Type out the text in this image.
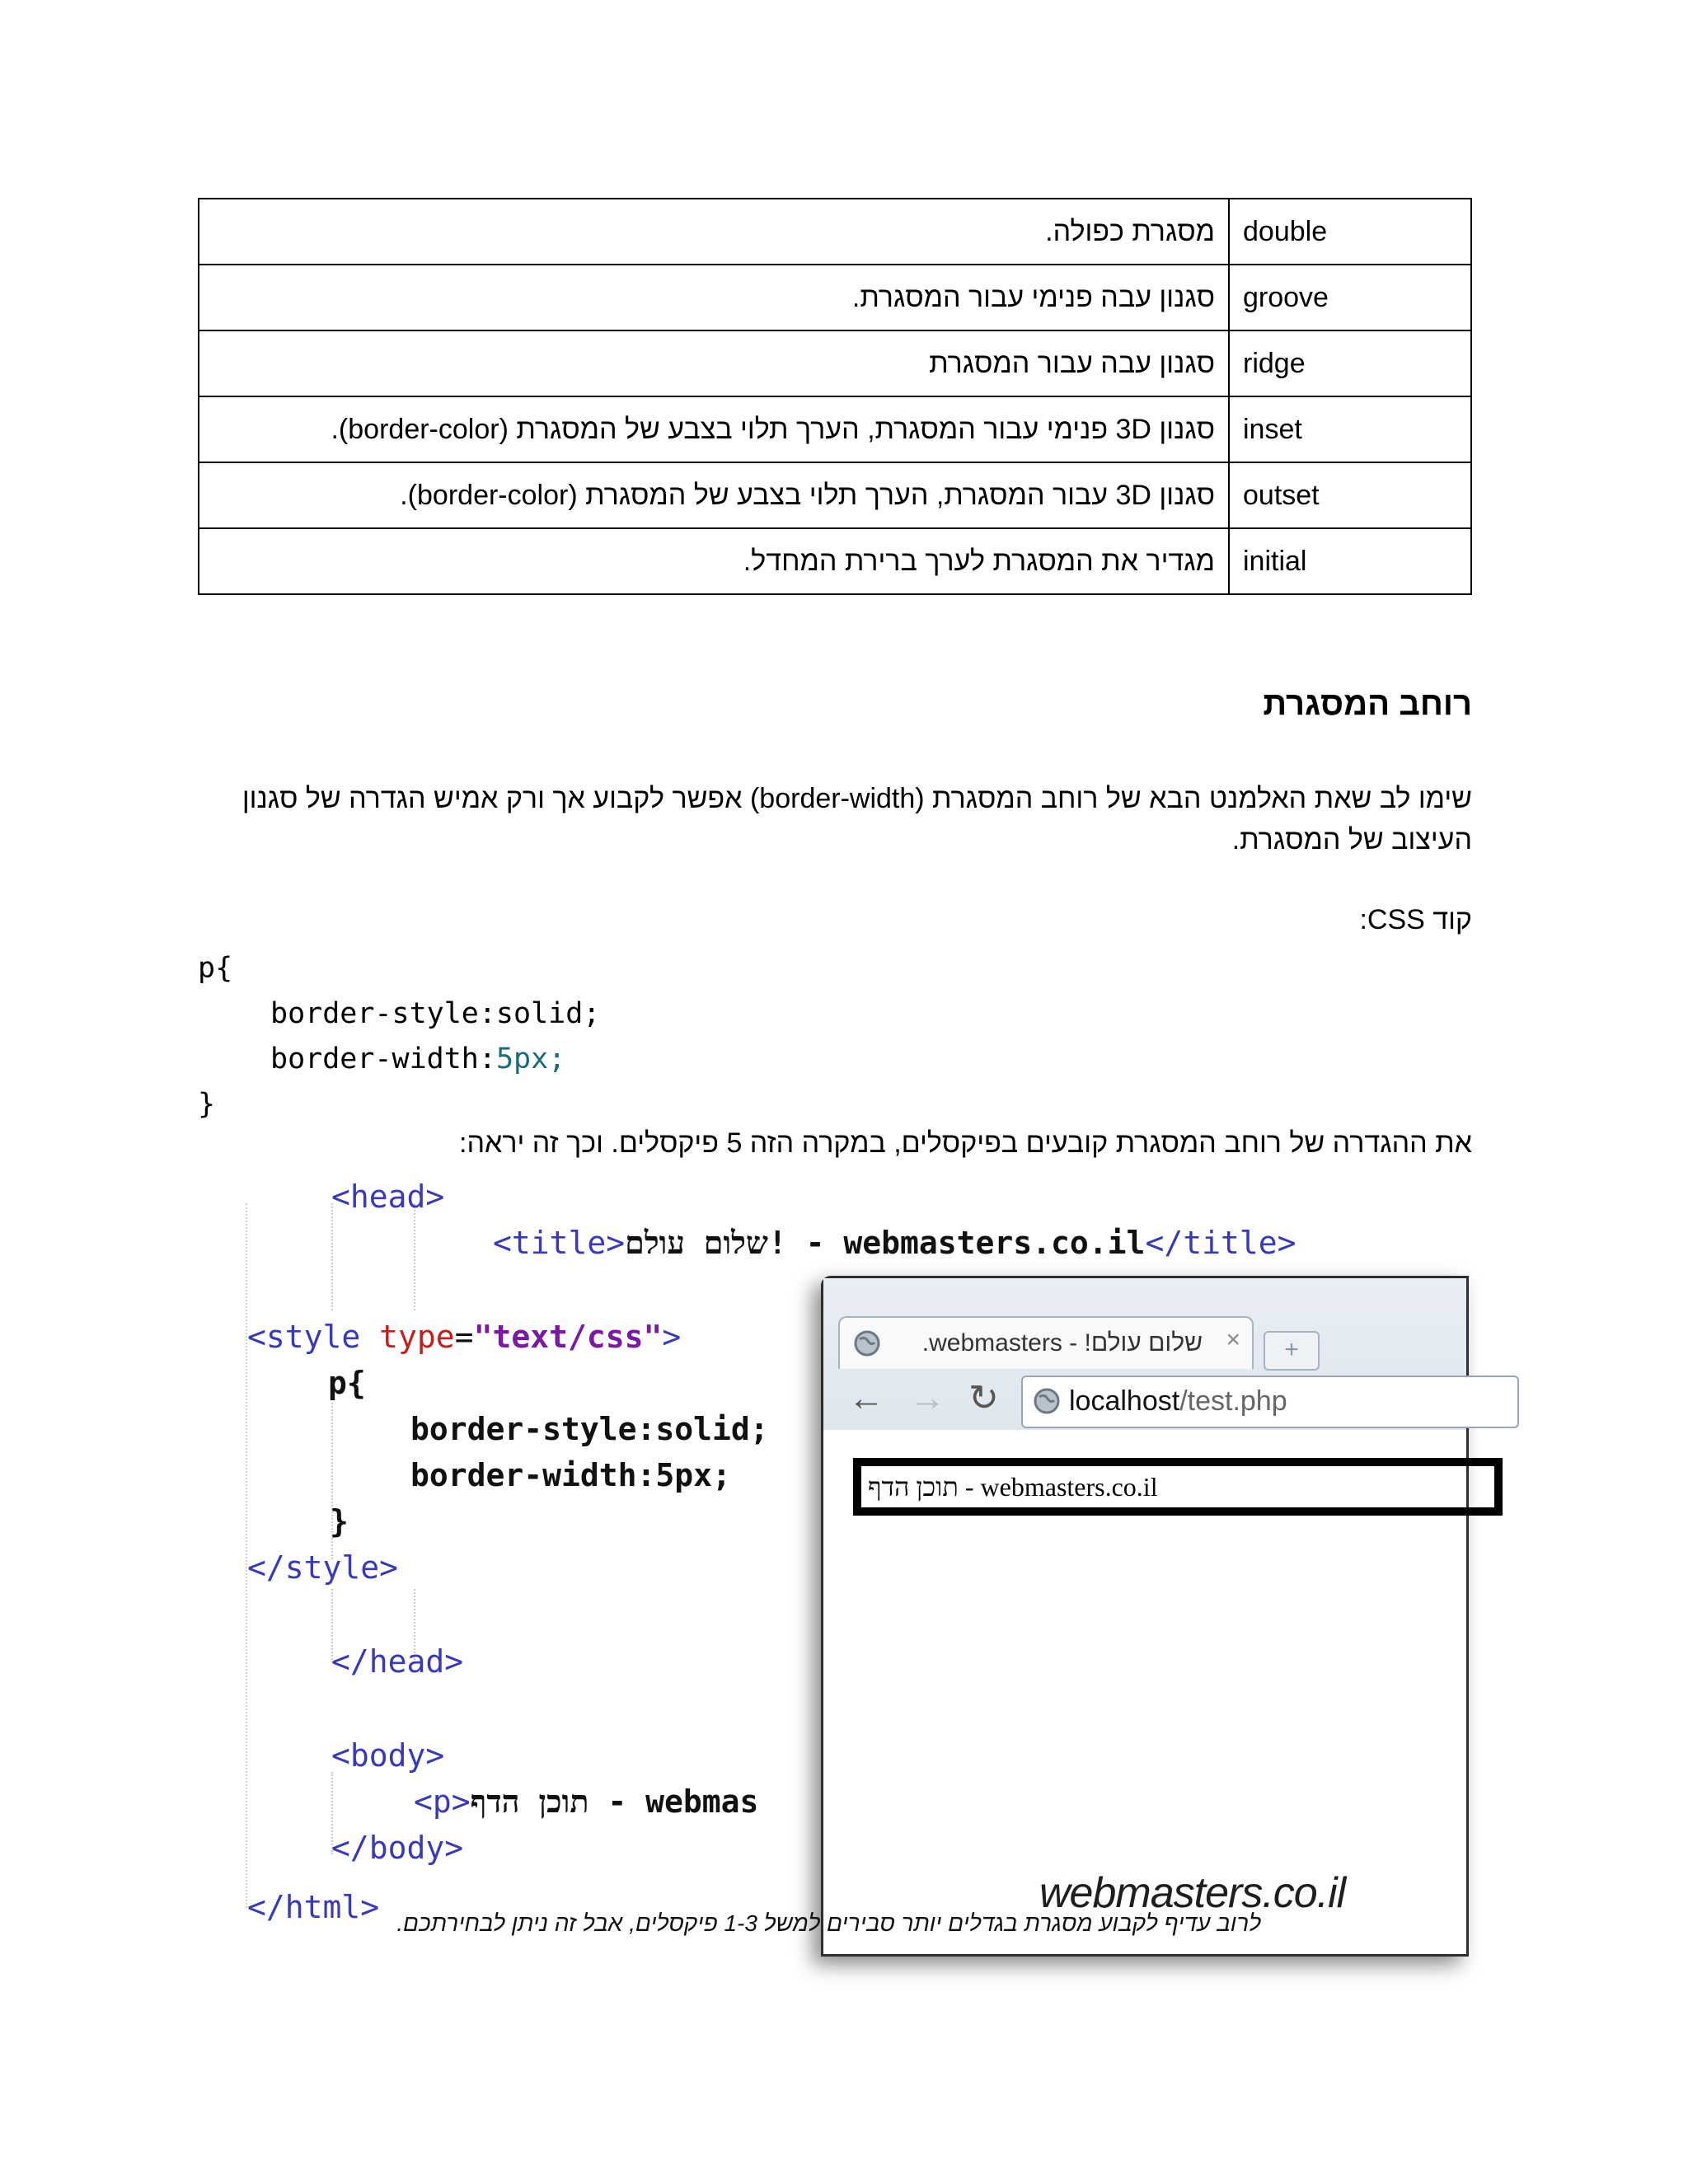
מסגרת כפולה.	double
סגנון עבה פנימי עבור המסגרת.	groove
סגנון עבה עבור המסגרת	ridge
סגנון 3D פנימי עבור המסגרת, הערך תלוי בצבע של המסגרת (border-color).	inset
סגנון 3D עבור המסגרת, הערך תלוי בצבע של המסגרת (border-color).	outset
מגדיר את המסגרת לערך ברירת המחדל.	initial
רוחב המסגרת

שימו לב שאת האלמנט הבא של רוחב המסגרת (border-width) אפשר לקבוע אך ורק אמיש הגדרה של סגנון העיצוב של המסגרת.

קוד CSS:

p{
border-style:solid;
border-width:5px;
}

את ההגדרה של רוחב המסגרת קובעים בפיקסלים, במקרה הזה 5 פיקסלים. וכך זה יראה:

<head>

<title>שלום עולם! - webmasters.co.il</title>

<style type="text/css">

p{

border-style:solid;

border-width:5px;

}

</style>

</head>

<body>

<p>תוכן הדף - webmas

</body>

</html>

שלום עולם! - webmasters. ×	+
← → ↻	localhost/test.php
תוכן הדף - webmasters.co.il
webmasters.co.il

לרוב עדיף לקבוע מסגרת בגדלים יותר סבירים למשל 1-3 פיקסלים, אבל זה ניתן לבחירתכם.
